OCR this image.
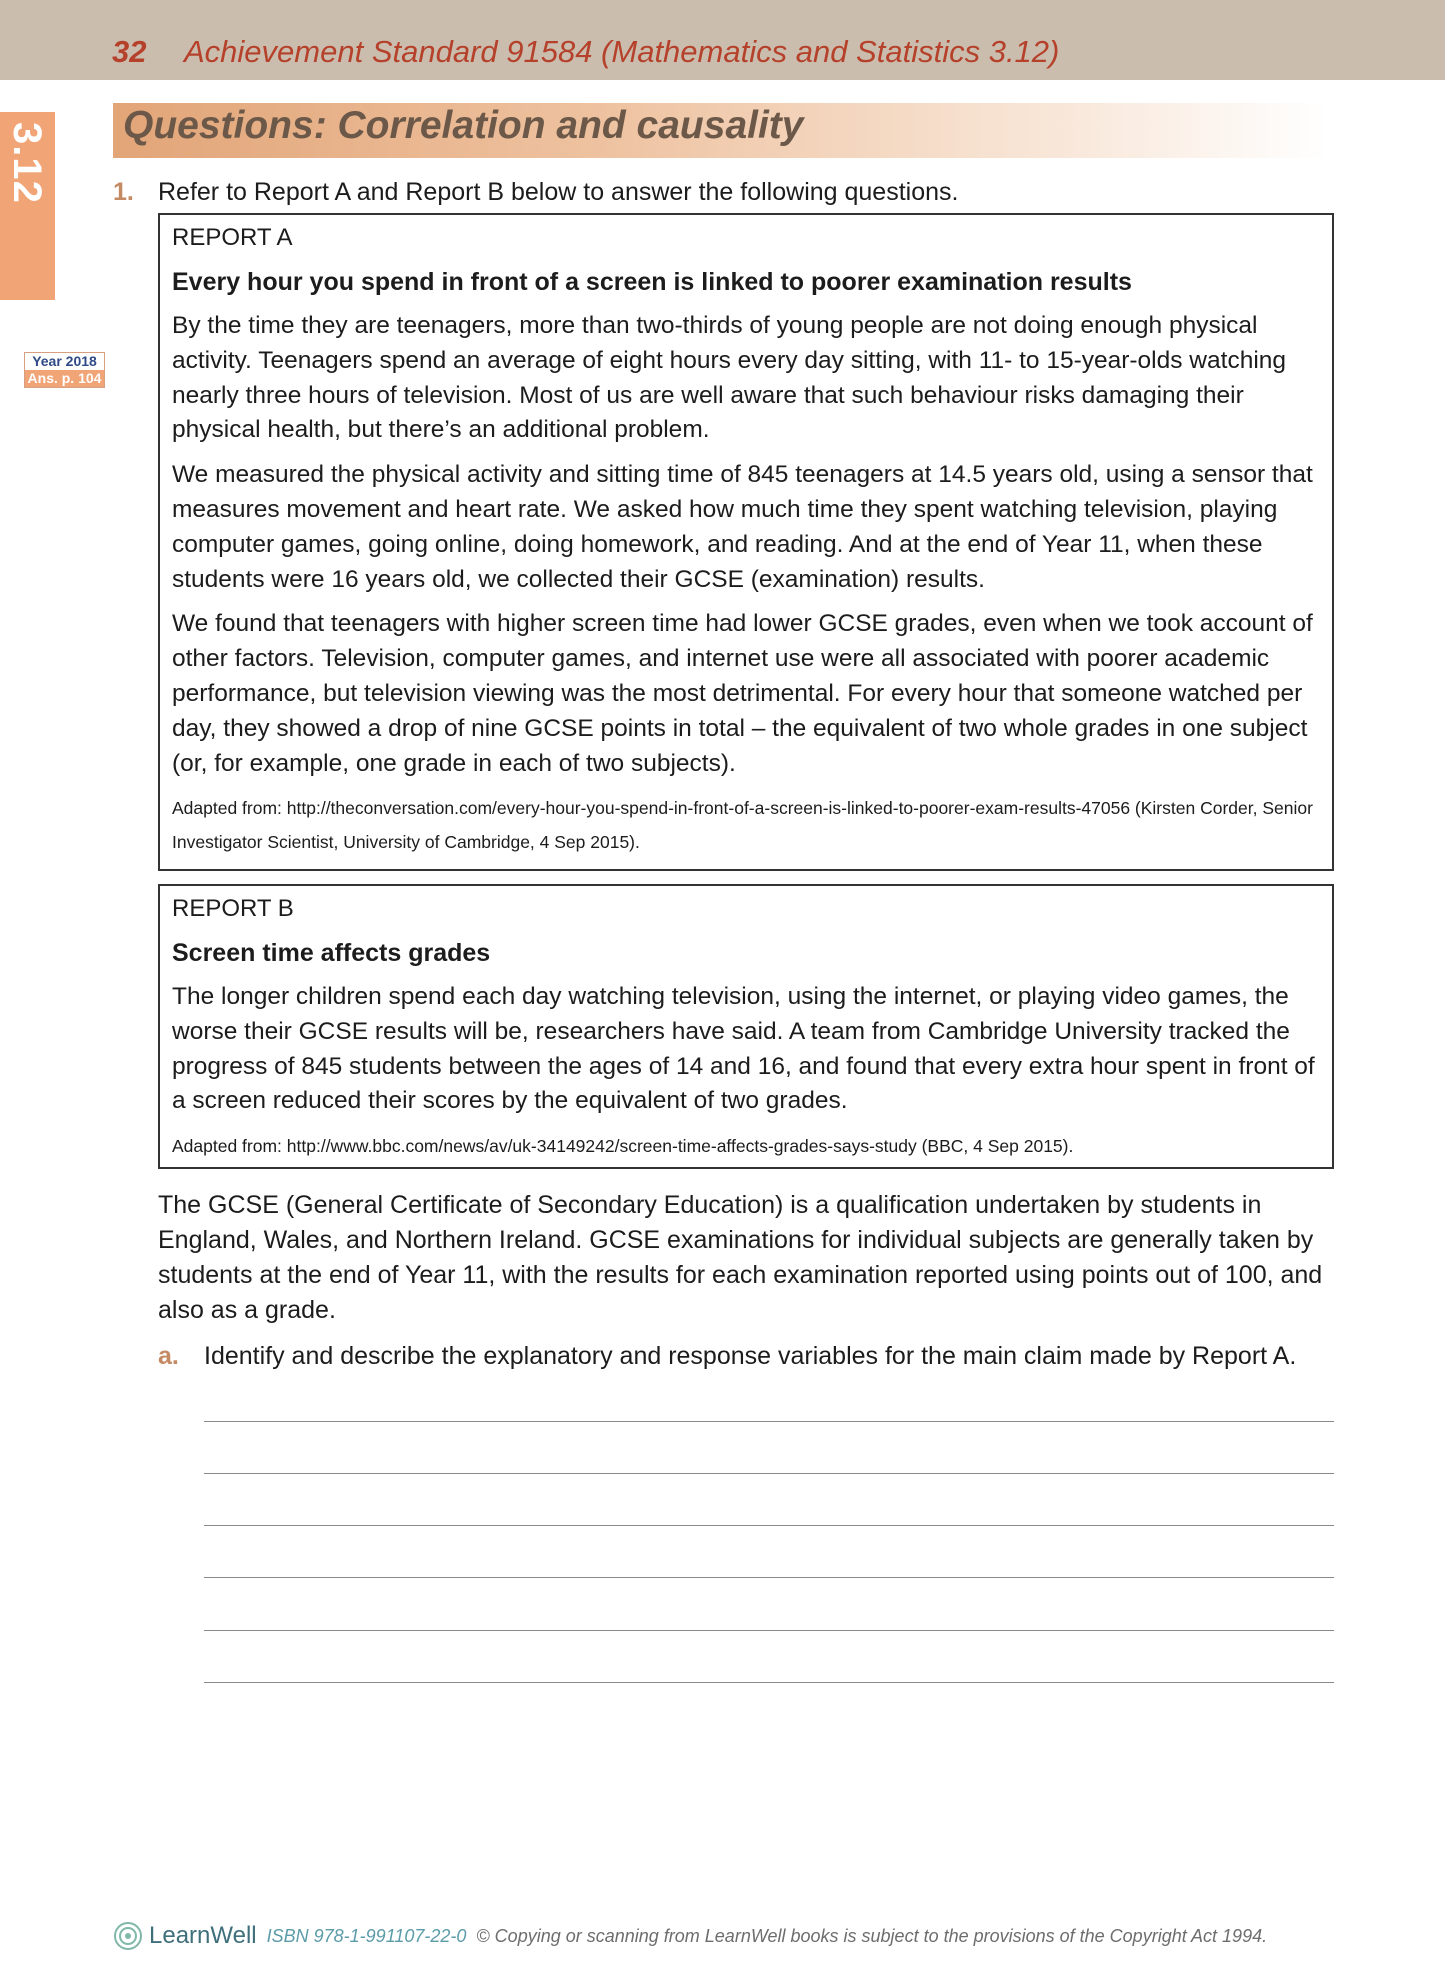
32 Achievement Standard 91584 (Mathematics and Statistics 3.12)
3.12
Year 2018
Ans. p. 104
Questions: Correlation and causality
1. Refer to Report A and Report B below to answer the following questions.
REPORT A
Every hour you spend in front of a screen is linked to poorer examination results

By the time they are teenagers, more than two-thirds of young people are not doing enough physical activity. Teenagers spend an average of eight hours every day sitting, with 11- to 15-year-olds watching nearly three hours of television. Most of us are well aware that such behaviour risks damaging their physical health, but there’s an additional problem.

We measured the physical activity and sitting time of 845 teenagers at 14.5 years old, using a sensor that measures movement and heart rate. We asked how much time they spent watching television, playing computer games, going online, doing homework, and reading. And at the end of Year 11, when these students were 16 years old, we collected their GCSE (examination) results.

We found that teenagers with higher screen time had lower GCSE grades, even when we took account of other factors. Television, computer games, and internet use were all associated with poorer academic performance, but television viewing was the most detrimental. For every hour that someone watched per day, they showed a drop of nine GCSE points in total – the equivalent of two whole grades in one subject (or, for example, one grade in each of two subjects).

Adapted from: http://theconversation.com/every-hour-you-spend-in-front-of-a-screen-is-linked-to-poorer-exam-results-47056 (Kirsten Corder, Senior Investigator Scientist, University of Cambridge, 4 Sep 2015).
REPORT B
Screen time affects grades

The longer children spend each day watching television, using the internet, or playing video games, the worse their GCSE results will be, researchers have said. A team from Cambridge University tracked the progress of 845 students between the ages of 14 and 16, and found that every extra hour spent in front of a screen reduced their scores by the equivalent of two grades.

Adapted from: http://www.bbc.com/news/av/uk-34149242/screen-time-affects-grades-says-study (BBC, 4 Sep 2015).

The GCSE (General Certificate of Secondary Education) is a qualification undertaken by students in England, Wales, and Northern Ireland. GCSE examinations for individual subjects are generally taken by students at the end of Year 11, with the results for each examination reported using points out of 100, and also as a grade.

a. Identify and describe the explanatory and response variables for the main claim made by Report A.
LearnWell ISBN 978-1-991107-22-0 © Copying or scanning from LearnWell books is subject to the provisions of the Copyright Act 1994.
